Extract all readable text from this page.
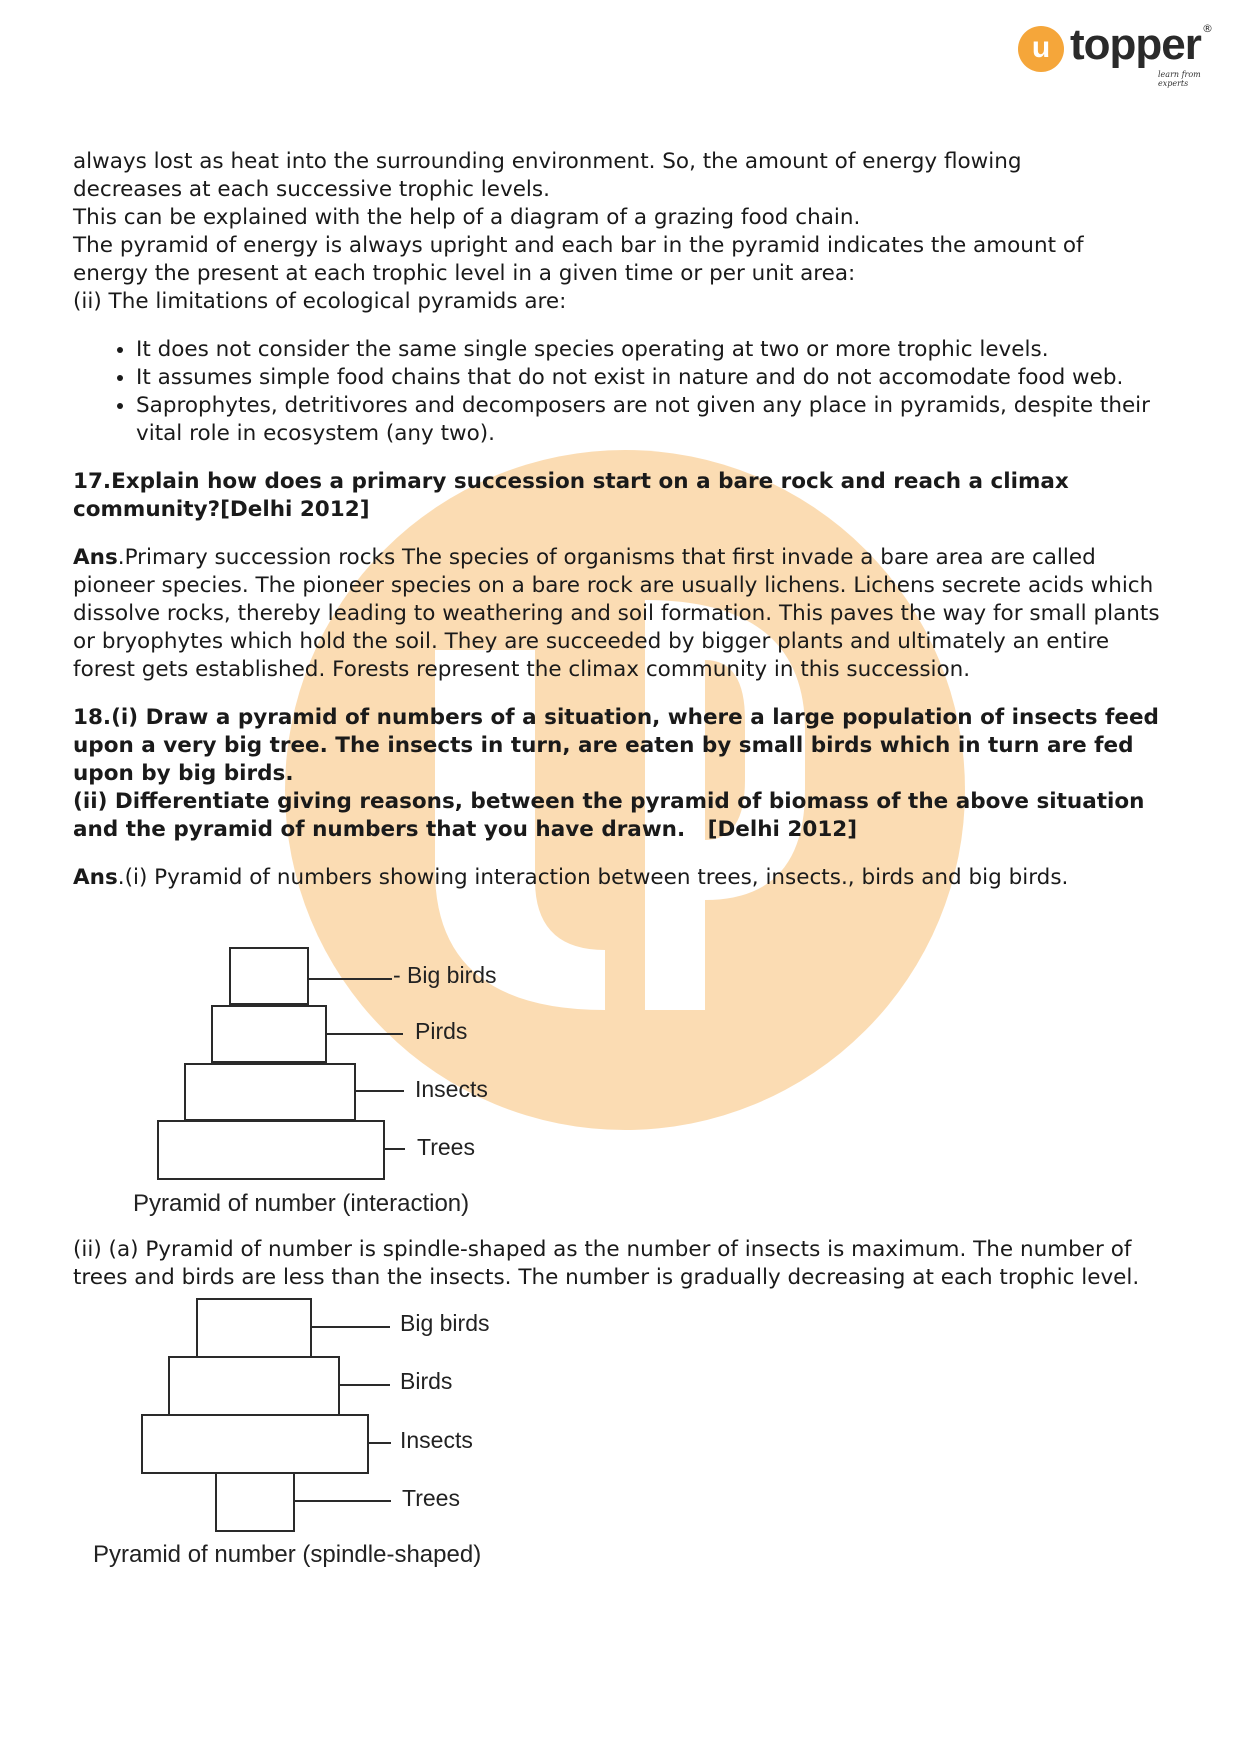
u topper ®
learn from experts

always lost as heat into the surrounding environment. So, the amount of energy flowing

decreases at each successive trophic levels.

This can be explained with the help of a diagram of a grazing food chain.

The pyramid of energy is always upright and each bar in the pyramid indicates the amount of

energy the present at each trophic level in a given time or per unit area:

(ii) The limitations of ecological pyramids are:

• It does not consider the same single species operating at two or more trophic levels.
• It assumes simple food chains that do not exist in nature and do not accomodate food web.
• Saprophytes, detritivores and decomposers are not given any place in pyramids, despite their vital role in ecosystem (any two).

17.Explain how does a primary succession start on a bare rock and reach a climax community?[Delhi 2012]

Ans.Primary succession rocks The species of organisms that first invade a bare area are called pioneer species. The pioneer species on a bare rock are usually lichens. Lichens secrete acids which dissolve rocks, thereby leading to weathering and soil formation. This paves the way for small plants or bryophytes which hold the soil. They are succeeded by bigger plants and ultimately an entire forest gets established. Forests represent the climax community in this succession.

18.(i) Draw a pyramid of numbers of a situation, where a large population of insects feed upon a very big tree. The insects in turn, are eaten by small birds which in turn are fed upon by big birds.
(ii) Differentiate giving reasons, between the pyramid of biomass of the above situation and the pyramid of numbers that you have drawn. [Delhi 2012]

Ans.(i) Pyramid of numbers showing interaction between trees, insects., birds and big birds.

- Big birds
Pirds
Insects
Trees
Pyramid of number (interaction)

(ii) (a) Pyramid of number is spindle-shaped as the number of insects is maximum. The number of trees and birds are less than the insects. The number is gradually decreasing at each trophic level.

Big birds
Birds
Insects
Trees
Pyramid of number (spindle-shaped)
